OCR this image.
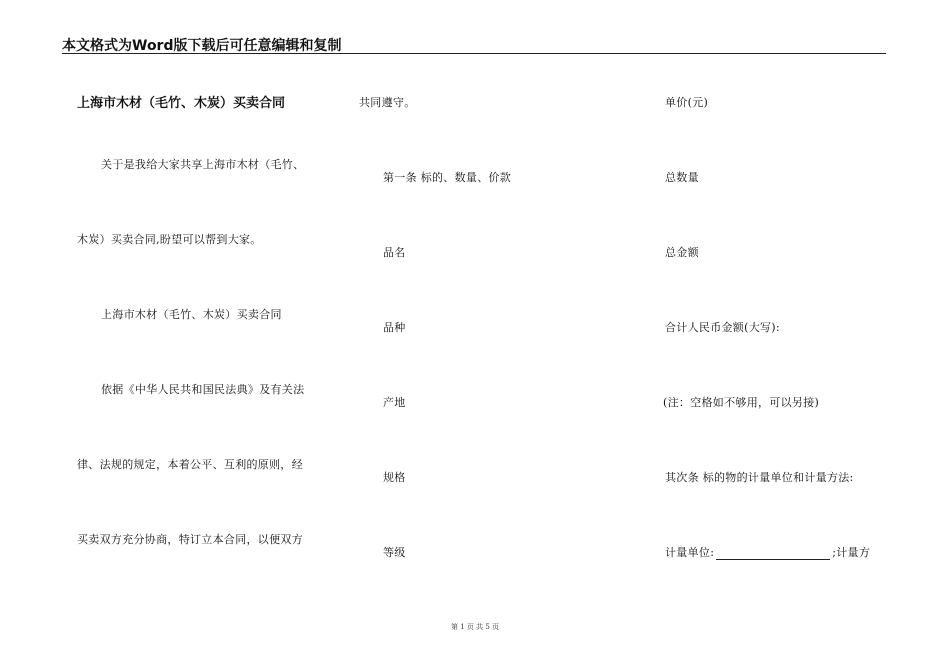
本文格式为Word版下载后可任意编辑和复制
上海市木材（毛竹、木炭）买卖合同
关于是我给大家共享上海市木材（毛竹、
木炭）买卖合同,盼望可以帮到大家。
上海市木材（毛竹、木炭）买卖合同
依据《中华人民共和国民法典》及有关法
律、法规的规定，本着公平、互利的原则，经
买卖双方充分协商，特订立本合同，以便双方
共同遵守。
第一条 标的、数量、价款
品名
品种
产地
规格
等级
单价(元)
总数量
总金额
合计人民币金额(大写):
(注：空格如不够用，可以另接)
其次条 标的物的计量单位和计量方法:
计量单位:	;计量方
第 1 页 共 5 页
